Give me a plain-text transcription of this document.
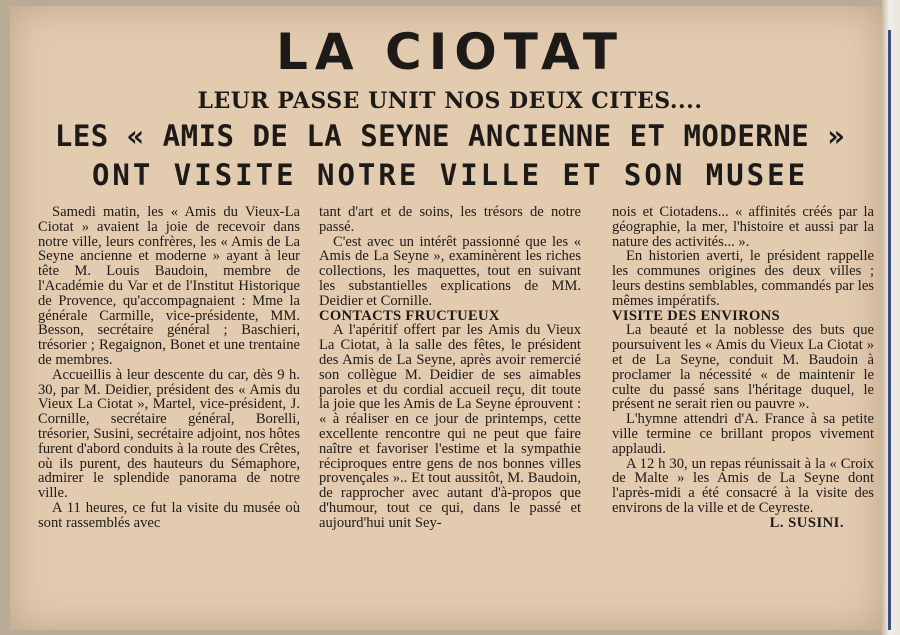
LA CIOTAT
LEUR PASSE UNIT NOS DEUX CITES....
LES « AMIS DE LA SEYNE ANCIENNE ET MODERNE »
ONT VISITE NOTRE VILLE ET SON MUSEE

Samedi matin, les « Amis du Vieux-La Ciotat » avaient la joie de recevoir dans notre ville, leurs confrères, les « Amis de La Seyne ancienne et moderne » ayant à leur tête M. Louis Baudoin, membre de l'Académie du Var et de l'Institut Historique de Provence, qu'accompagnaient : Mme la générale Carmille, vice-présidente, MM. Besson, secrétaire général ; Baschieri, trésorier ; Regaignon, Bonet et une trentaine de membres.

Accueillis à leur descente du car, dès 9 h. 30, par M. Deidier, président des « Amis du Vieux La Ciotat », Martel, vice-président, J. Cornille, secrétaire général, Borelli, trésorier, Susini, secrétaire adjoint, nos hôtes furent d'abord conduits à la route des Crêtes, où ils purent, des hauteurs du Sémaphore, admirer le splendide panorama de notre ville.

A 11 heures, ce fut la visite du musée où sont rassemblés avec

tant d'art et de soins, les trésors de notre passé.

C'est avec un intérêt passionné que les « Amis de La Seyne », examinèrent les riches collections, les maquettes, tout en suivant les substantielles explications de MM. Deidier et Cornille.

CONTACTS FRUCTUEUX

A l'apéritif offert par les Amis du Vieux La Ciotat, à la salle des fêtes, le président des Amis de La Seyne, après avoir remercié son collègue M. Deidier de ses aimables paroles et du cordial accueil reçu, dit toute la joie que les Amis de La Seyne éprouvent : « à réaliser en ce jour de printemps, cette excellente rencontre qui ne peut que faire naître et favoriser l'estime et la sympathie réciproques entre gens de nos bonnes villes provençales ».. Et tout aussitôt, M. Baudoin, de rapprocher avec autant d'à-propos que d'humour, tout ce qui, dans le passé et aujourd'hui unit Sey-

nois et Ciotadens... « affinités créés par la géographie, la mer, l'histoire et aussi par la nature des activités... ».

En historien averti, le président rappelle les communes origines des deux villes ; leurs destins semblables, commandés par les mêmes impératifs.

VISITE DES ENVIRONS

La beauté et la noblesse des buts que poursuivent les « Amis du Vieux La Ciotat » et de La Seyne, conduit M. Baudoin à proclamer la nécessité « de maintenir le culte du passé sans l'héritage duquel, le présent ne serait rien ou pauvre ».

L'hymne attendri d'A. France à sa petite ville termine ce brillant propos vivement applaudi.

A 12 h 30, un repas réunissait à la « Croix de Malte » les Amis de La Seyne dont l'après-midi a été consacré à la visite des environs de la ville et de Ceyreste.

L. SUSINI.
